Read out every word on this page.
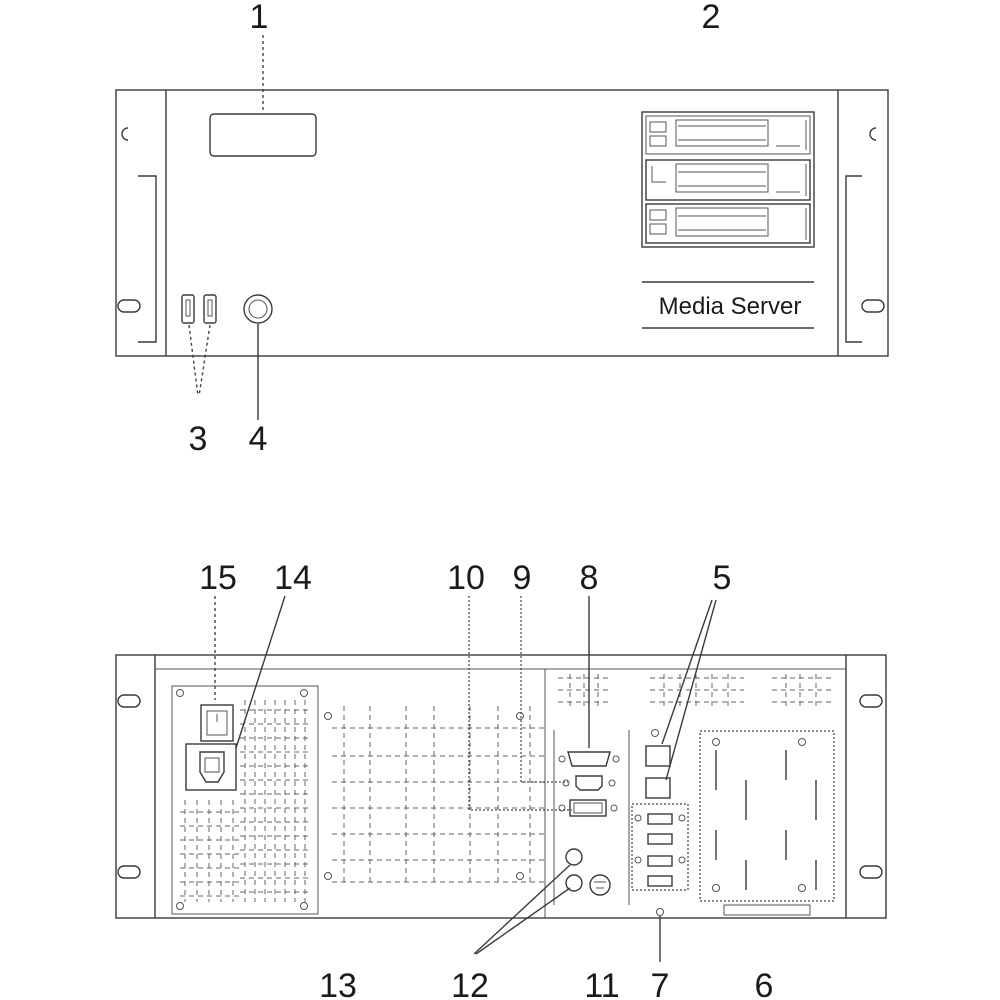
Media Server
1	2
3 4
15 14	10 9 8	5
13	12	11 7	6
